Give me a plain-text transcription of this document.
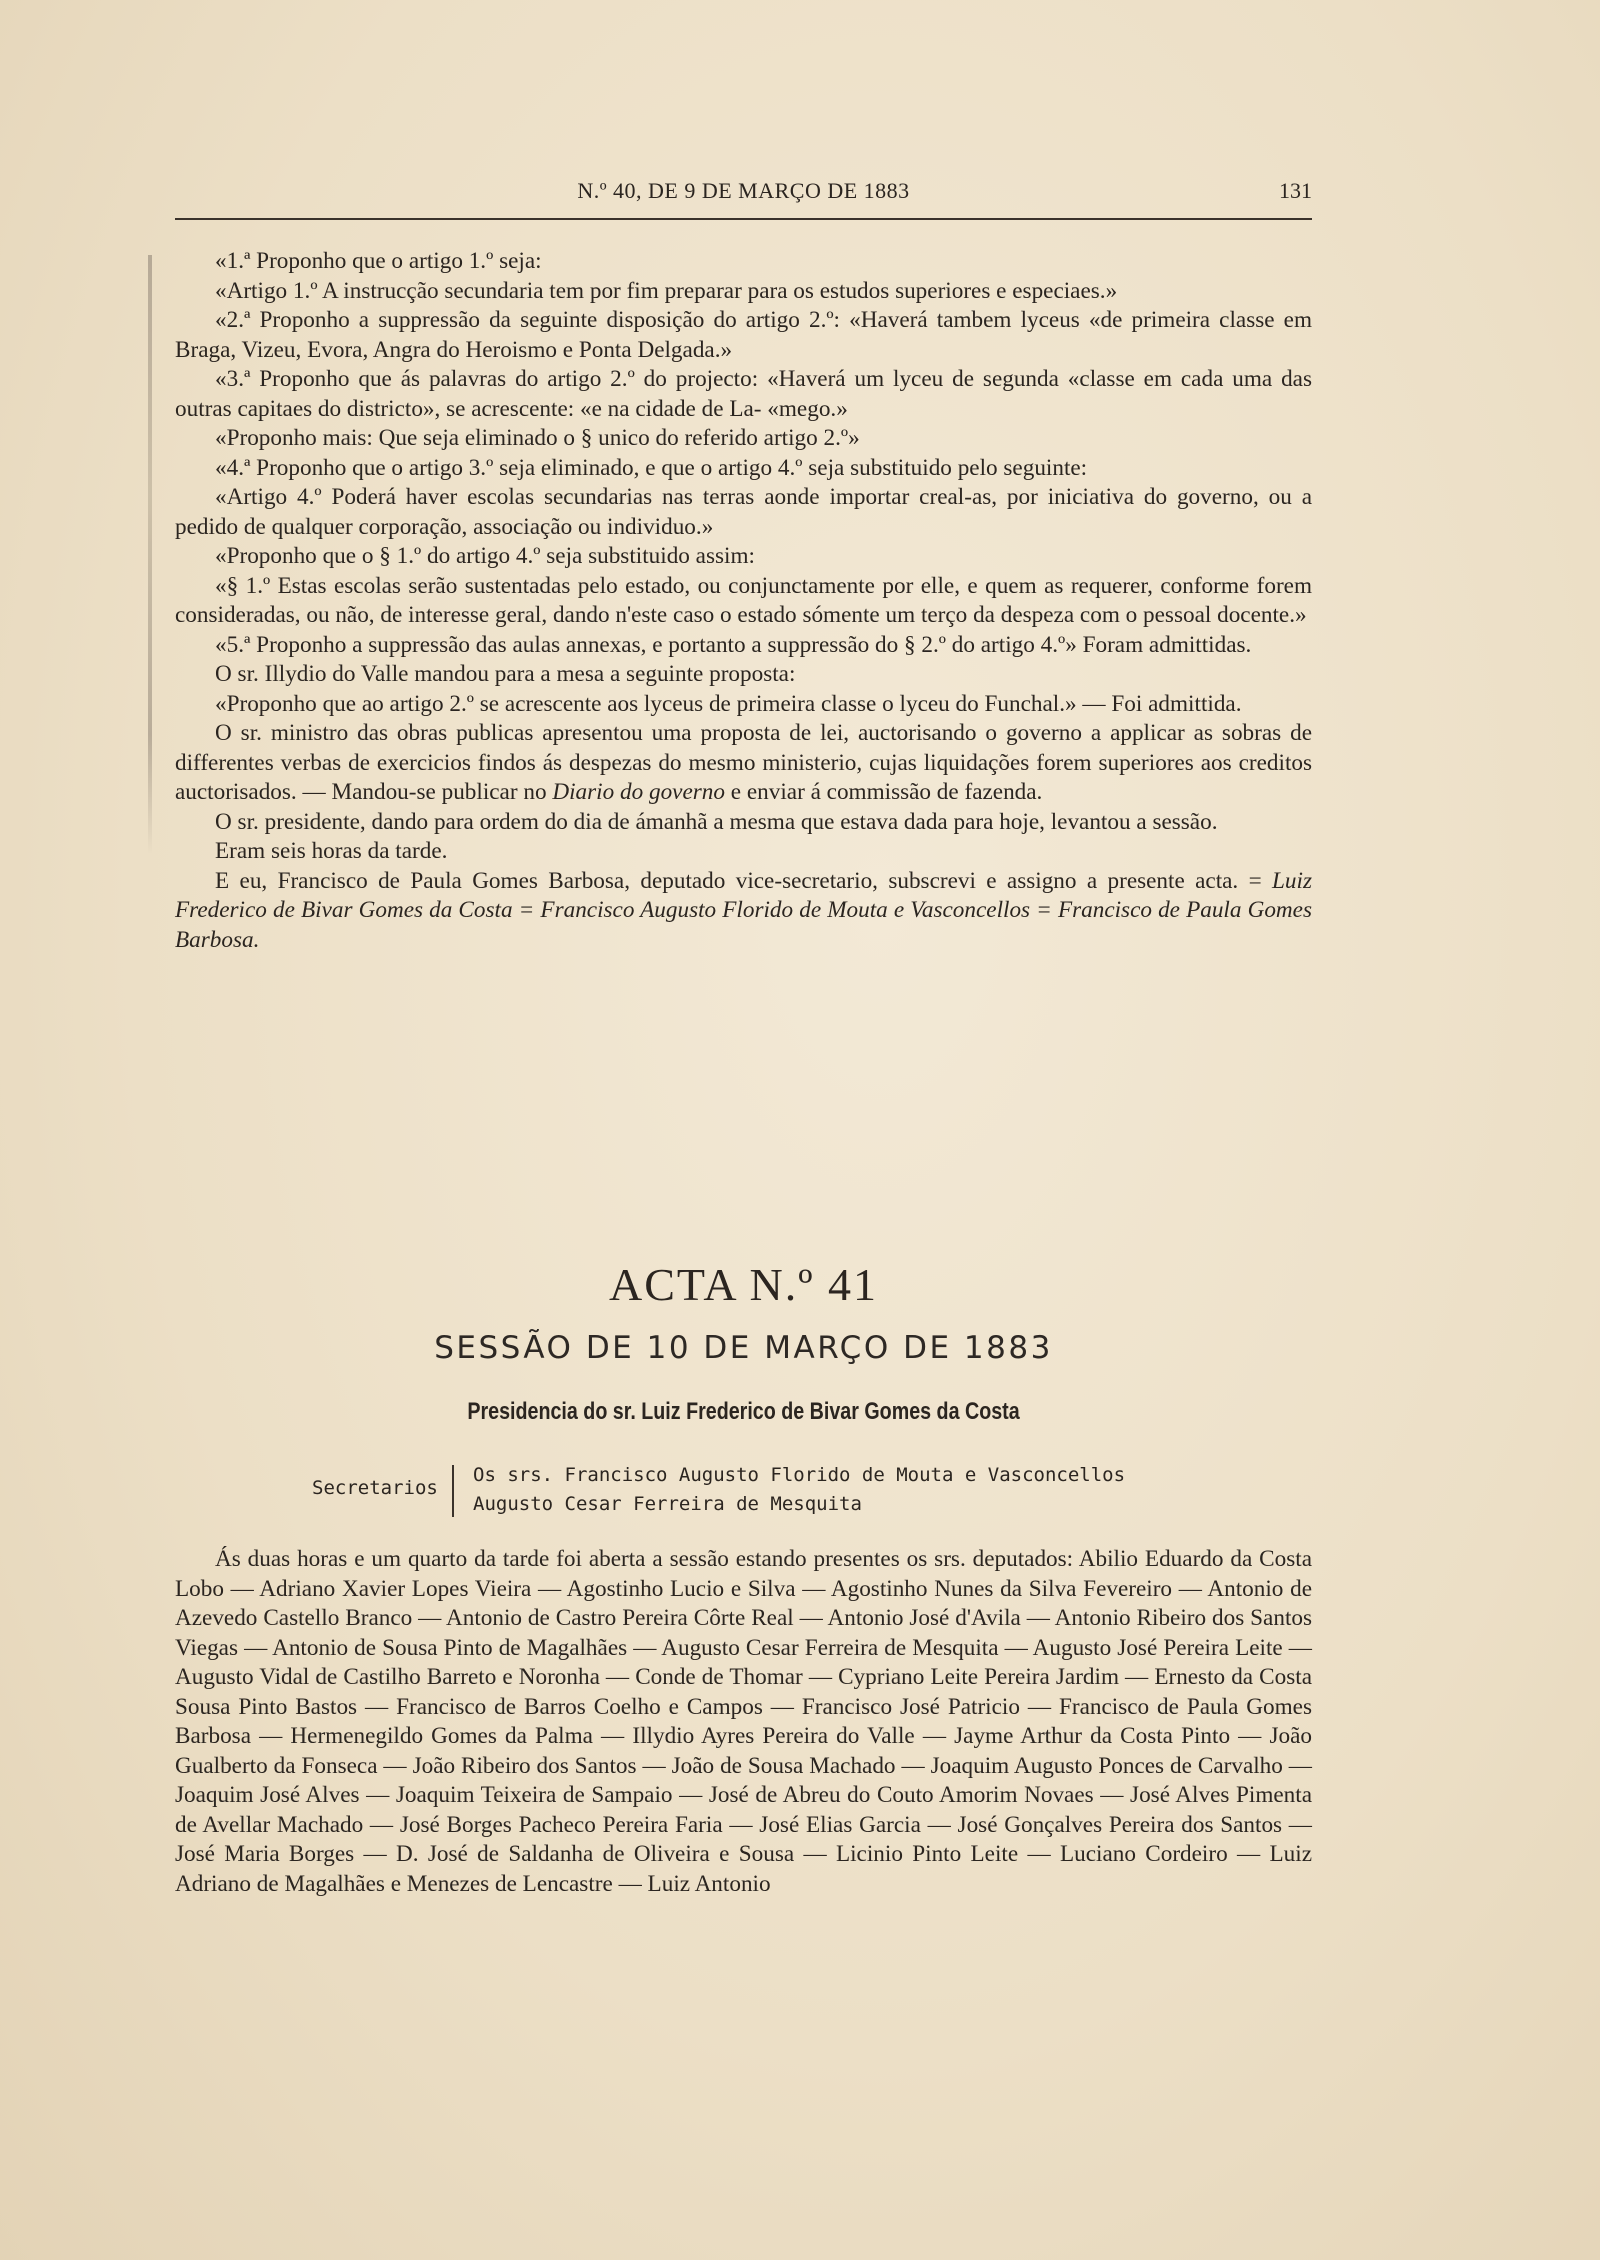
N.º 40, DE 9 DE MARÇO DE 1883	131

«1.ª Proponho que o artigo 1.º seja:

«Artigo 1.º A instrucção secundaria tem por fim preparar para os estudos superiores e especiaes.»

«2.ª Proponho a suppressão da seguinte disposição do artigo 2.º: «Haverá tambem lyceus «de primeira classe em Braga, Vizeu, Evora, Angra do Heroismo e Ponta Delgada.»

«3.ª Proponho que ás palavras do artigo 2.º do projecto: «Haverá um lyceu de segunda «classe em cada uma das outras capitaes do districto», se acrescente: «e na cidade de La- «mego.»

«Proponho mais: Que seja eliminado o § unico do referido artigo 2.º»

«4.ª Proponho que o artigo 3.º seja eliminado, e que o artigo 4.º seja substituido pelo seguinte:

«Artigo 4.º Poderá haver escolas secundarias nas terras aonde importar creal-as, por iniciativa do governo, ou a pedido de qualquer corporação, associação ou individuo.»

«Proponho que o § 1.º do artigo 4.º seja substituido assim:

«§ 1.º Estas escolas serão sustentadas pelo estado, ou conjunctamente por elle, e quem as requerer, conforme forem consideradas, ou não, de interesse geral, dando n'este caso o estado sómente um terço da despeza com o pessoal docente.»

«5.ª Proponho a suppressão das aulas annexas, e portanto a suppressão do § 2.º do artigo 4.º» Foram admittidas.

O sr. Illydio do Valle mandou para a mesa a seguinte proposta:

«Proponho que ao artigo 2.º se acrescente aos lyceus de primeira classe o lyceu do Funchal.» — Foi admittida.

O sr. ministro das obras publicas apresentou uma proposta de lei, auctorisando o governo a applicar as sobras de differentes verbas de exercicios findos ás despezas do mesmo ministerio, cujas liquidações forem superiores aos creditos auctorisados. — Mandou-se publicar no Diario do governo e enviar á commissão de fazenda.

O sr. presidente, dando para ordem do dia de ámanhã a mesma que estava dada para hoje, levantou a sessão.

Eram seis horas da tarde.

E eu, Francisco de Paula Gomes Barbosa, deputado vice-secretario, subscrevi e assigno a presente acta. = Luiz Frederico de Bivar Gomes da Costa = Francisco Augusto Florido de Mouta e Vasconcellos = Francisco de Paula Gomes Barbosa.

ACTA N.º 41
SESSÃO DE 10 DE MARÇO DE 1883
Presidencia do sr. Luiz Frederico de Bivar Gomes da Costa
Secretarios
Os srs. Francisco Augusto Florido de Mouta e Vasconcellos
Augusto Cesar Ferreira de Mesquita

Ás duas horas e um quarto da tarde foi aberta a sessão estando presentes os srs. deputados: Abilio Eduardo da Costa Lobo — Adriano Xavier Lopes Vieira — Agostinho Lucio e Silva — Agostinho Nunes da Silva Fevereiro — Antonio de Azevedo Castello Branco — Antonio de Castro Pereira Côrte Real — Antonio José d'Avila — Antonio Ribeiro dos Santos Viegas — Antonio de Sousa Pinto de Magalhães — Augusto Cesar Ferreira de Mesquita — Augusto José Pereira Leite — Augusto Vidal de Castilho Barreto e Noronha — Conde de Thomar — Cypriano Leite Pereira Jardim — Ernesto da Costa Sousa Pinto Bastos — Francisco de Barros Coelho e Campos — Francisco José Patricio — Francisco de Paula Gomes Barbosa — Hermenegildo Gomes da Palma — Illydio Ayres Pereira do Valle — Jayme Arthur da Costa Pinto — João Gualberto da Fonseca — João Ribeiro dos Santos — João de Sousa Machado — Joaquim Augusto Ponces de Carvalho — Joaquim José Alves — Joaquim Teixeira de Sampaio — José de Abreu do Couto Amorim Novaes — José Alves Pimenta de Avellar Machado — José Borges Pacheco Pereira Faria — José Elias Garcia — José Gonçalves Pereira dos Santos — José Maria Borges — D. José de Saldanha de Oliveira e Sousa — Licinio Pinto Leite — Luciano Cordeiro — Luiz Adriano de Magalhães e Menezes de Lencastre — Luiz Antonio
